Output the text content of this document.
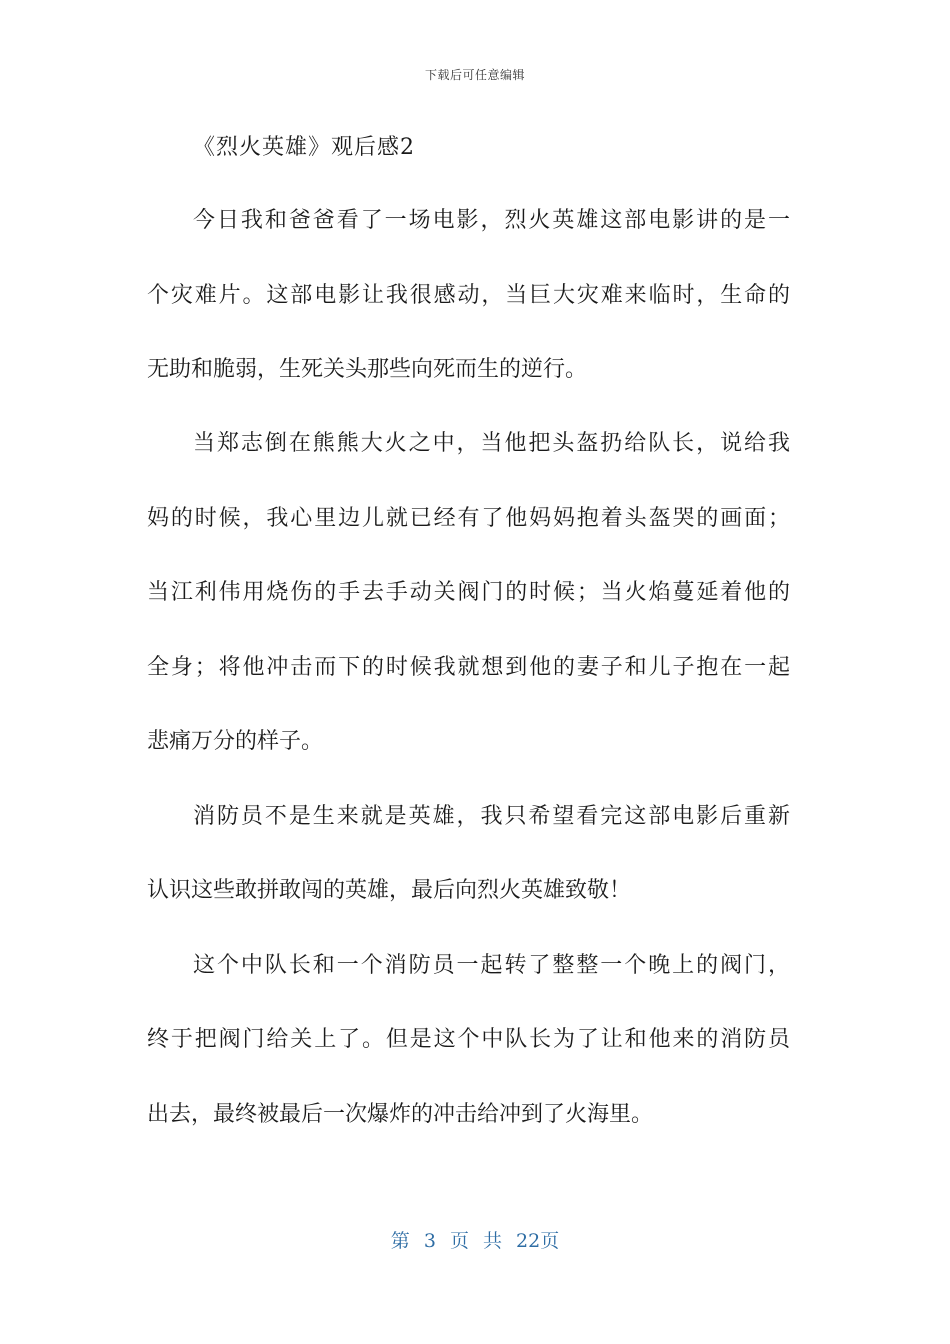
下载后可任意编辑
《烈火英雄》观后感2
今日我和爸爸看了一场电影，烈火英雄这部电影讲的是一
个灾难片。这部电影让我很感动，当巨大灾难来临时，生命的
无助和脆弱，生死关头那些向死而生的逆行。
当郑志倒在熊熊大火之中，当他把头盔扔给队长，说给我
妈的时候，我心里边儿就已经有了他妈妈抱着头盔哭的画面；
当江利伟用烧伤的手去手动关阀门的时候；当火焰蔓延着他的
全身；将他冲击而下的时候我就想到他的妻子和儿子抱在一起
悲痛万分的样子。
消防员不是生来就是英雄，我只希望看完这部电影后重新
认识这些敢拼敢闯的英雄，最后向烈火英雄致敬！
这个中队长和一个消防员一起转了整整一个晚上的阀门，
终于把阀门给关上了。但是这个中队长为了让和他来的消防员
出去，最终被最后一次爆炸的冲击给冲到了火海里。
第 3 页 共 22页
